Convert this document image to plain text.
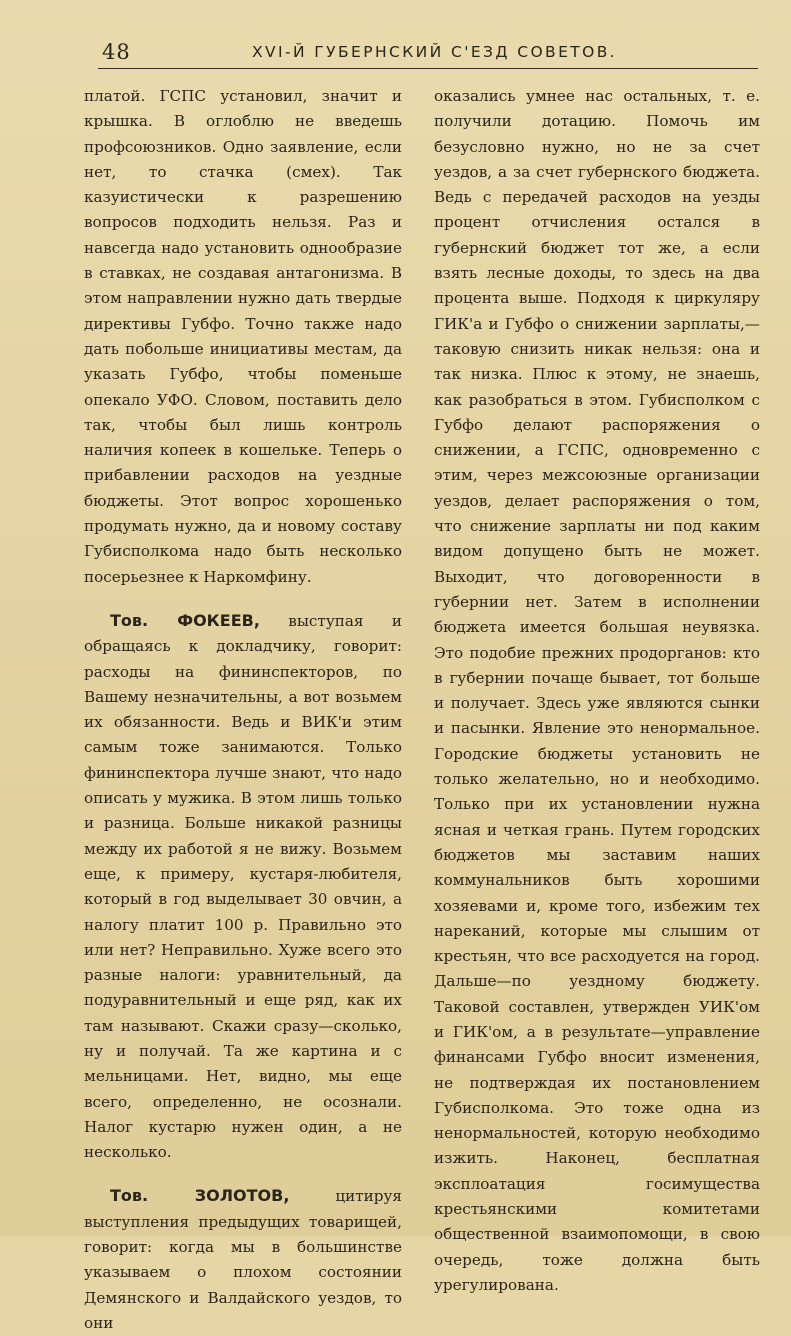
48	XVI-Й ГУБЕРНСКИЙ С'ЕЗД СОВЕТОВ.

платой. ГСПС установил, значит и крышка. В оглоблю не введешь профсоюзников. Одно заявление, если нет, то стачка (смех). Так казуистически к разрешению вопросов подходить нельзя. Раз и навсегда надо установить однообразие в ставках, не создавая антагонизма. В этом направлении нужно дать твердые директивы Губфо. Точно также надо дать побольше инициативы местам, да указать Губфо, чтобы поменьше опекало УФО. Словом, поставить дело так, чтобы был лишь контроль наличия копеек в кошельке. Теперь о прибавлении расходов на уездные бюджеты. Этот вопрос хорошенько продумать нужно, да и новому составу Губисполкома надо быть несколько посерьезнее к Наркомфину.

Тов. ФОКЕЕВ, выступая и обращаясь к докладчику, говорит: расходы на фининспекторов, по Вашему незначительны, а вот возьмем их обязанности. Ведь и ВИК'и этим самым тоже занимаются. Только фининспектора лучше знают, что надо описать у мужика. В этом лишь только и разница. Больше никакой разницы между их работой я не вижу. Возьмем еще, к примеру, кустаря-любителя, который в год выделывает 30 овчин, а налогу платит 100 р. Правильно это или нет? Неправильно. Хуже всего это разные налоги: уравнительный, да подуравнительный и еще ряд, как их там называют. Скажи сразу—сколько, ну и получай. Та же картина и с мельницами. Нет, видно, мы еще всего, определенно, не осознали. Налог кустарю нужен один, а не несколько.

Тов. ЗОЛОТОВ, цитируя выступления предыдущих товарищей, говорит: когда мы в большинстве указываем о плохом состоянии Демянского и Валдайского уездов, то они

оказались умнее нас остальных, т. е. получили дотацию. Помочь им безусловно нужно, но не за счет уездов, а за счет губернского бюджета. Ведь с передачей расходов на уезды процент отчисления остался в губернский бюджет тот же, а если взять лесные доходы, то здесь на два процента выше. Подходя к циркуляру ГИК'а и Губфо о снижении зарплаты,—таковую снизить никак нельзя: она и так низка. Плюс к этому, не знаешь, как разобраться в этом. Губисполком с Губфо делают распоряжения о снижении, а ГСПС, одновременно с этим, через межсоюзные организации уездов, делает распоряжения о том, что снижение зарплаты ни под каким видом допущено быть не может. Выходит, что договоренности в губернии нет. Затем в исполнении бюджета имеется большая неувязка. Это подобие прежних продорганов: кто в губернии почаще бывает, тот больше и получает. Здесь уже являются сынки и пасынки. Явление это ненормальное. Городские бюджеты установить не только желательно, но и необходимо. Только при их установлении нужна ясная и четкая грань. Путем городских бюджетов мы заставим наших коммунальников быть хорошими хозяевами и, кроме того, избежим тех нареканий, которые мы слышим от крестьян, что все расходуется на город. Дальше—по уездному бюджету. Таковой составлен, утвержден УИК'ом и ГИК'ом, а в результате—управление финансами Губфо вносит изменения, не подтверждая их постановлением Губисполкома. Это тоже одна из ненормальностей, которую необходимо изжить. Наконец, бесплатная эксплоатация госимущества крестьянскими комитетами общественной взаимопомощи, в свою очередь, тоже должна быть урегулирована.
